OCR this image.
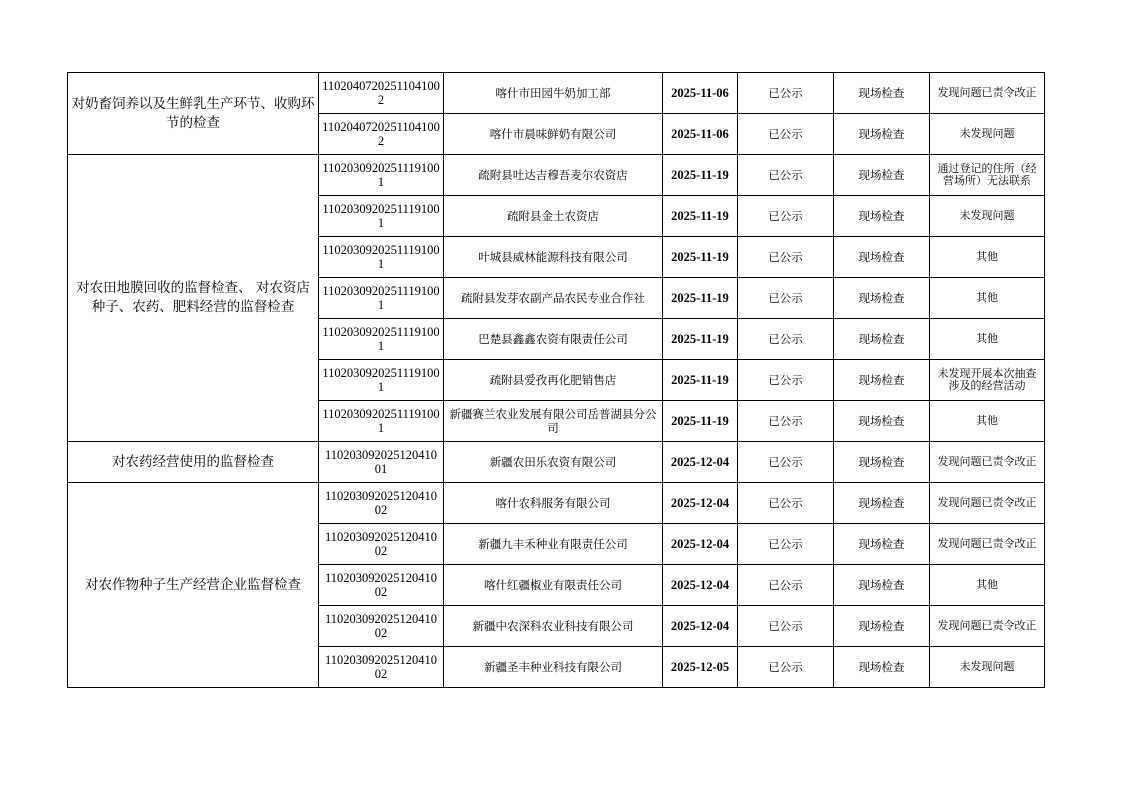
对奶畜饲养以及生鲜乳生产环节、收购环节的检查	11020407202511041002	喀什市田园牛奶加工部	2025-11-06	已公示	现场检查	发现问题已责令改正
	11020407202511041002	喀什市晨味鲜奶有限公司	2025-11-06	已公示	现场检查	未发现问题
对农田地膜回收的监督检查、 对农资店种子、农药、肥料经营的监督检查	11020309202511191001	疏附县吐达吉穆吾麦尔农资店	2025-11-19	已公示	现场检查	通过登记的住所（经营场所）无法联系
	11020309202511191001	疏附县金土农资店	2025-11-19	已公示	现场检查	未发现问题
	11020309202511191001	叶城县威林能源科技有限公司	2025-11-19	已公示	现场检查	其他
	11020309202511191001	疏附县发芽农副产品农民专业合作社	2025-11-19	已公示	现场检查	其他
	11020309202511191001	巴楚县鑫鑫农资有限责任公司	2025-11-19	已公示	现场检查	其他
	11020309202511191001	疏附县爱孜再化肥销售店	2025-11-19	已公示	现场检查	未发现开展本次抽查涉及的经营活动
	11020309202511191001	新疆赛兰农业发展有限公司岳普湖县分公司	2025-11-19	已公示	现场检查	其他
对农药经营使用的监督检查	11020309202512041001	新疆农田乐农资有限公司	2025-12-04	已公示	现场检查	发现问题已责令改正
对农作物种子生产经营企业监督检查	11020309202512041002	喀什农科服务有限公司	2025-12-04	已公示	现场检查	发现问题已责令改正
	11020309202512041002	新疆九丰禾种业有限责任公司	2025-12-04	已公示	现场检查	发现问题已责令改正
	11020309202512041002	喀什红疆椒业有限责任公司	2025-12-04	已公示	现场检查	其他
	11020309202512041002	新疆中农深科农业科技有限公司	2025-12-04	已公示	现场检查	发现问题已责令改正
	11020309202512041002	新疆圣丰种业科技有限公司	2025-12-05	已公示	现场检查	未发现问题
